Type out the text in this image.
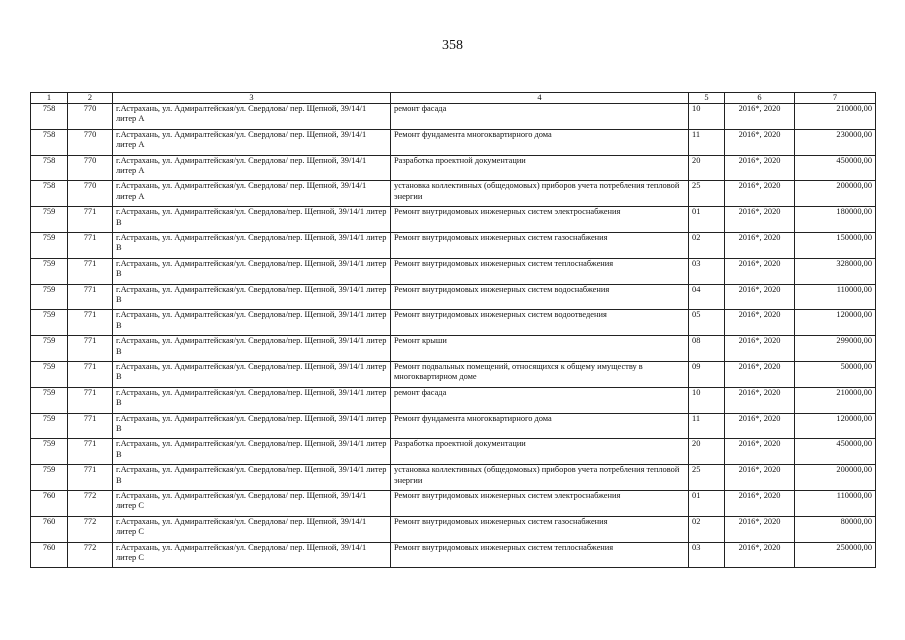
358
1	2	3	4	5	6	7
758	770	г.Астрахань, ул. Адмиралтейская/ул. Свердлова/ пер. Щепной, 39/14/1 литер А	ремонт фасада	10	2016*, 2020	210000,00
758	770	г.Астрахань, ул. Адмиралтейская/ул. Свердлова/ пер. Щепной, 39/14/1 литер А	Ремонт фундамента многоквартирного дома	11	2016*, 2020	230000,00
758	770	г.Астрахань, ул. Адмиралтейская/ул. Свердлова/ пер. Щепной, 39/14/1 литер А	Разработка проектной документации	20	2016*, 2020	450000,00
758	770	г.Астрахань, ул. Адмиралтейская/ул. Свердлова/ пер. Щепной, 39/14/1 литер А	установка коллективных (общедомовых) приборов учета потребления тепловой энергии	25	2016*, 2020	200000,00
759	771	г.Астрахань, ул. Адмиралтейская/ул. Свердлова/пер. Щепной, 39/14/1 литер В	Ремонт внутридомовых инженерных систем электроснабжения	01	2016*, 2020	180000,00
759	771	г.Астрахань, ул. Адмиралтейская/ул. Свердлова/пер. Щепной, 39/14/1 литер В	Ремонт внутридомовых инженерных систем газоснабжения	02	2016*, 2020	150000,00
759	771	г.Астрахань, ул. Адмиралтейская/ул. Свердлова/пер. Щепной, 39/14/1 литер В	Ремонт внутридомовых инженерных систем теплоснабжения	03	2016*, 2020	328000,00
759	771	г.Астрахань, ул. Адмиралтейская/ул. Свердлова/пер. Щепной, 39/14/1 литер В	Ремонт внутридомовых инженерных систем водоснабжения	04	2016*, 2020	110000,00
759	771	г.Астрахань, ул. Адмиралтейская/ул. Свердлова/пер. Щепной, 39/14/1 литер В	Ремонт внутридомовых инженерных систем водоотведения	05	2016*, 2020	120000,00
759	771	г.Астрахань, ул. Адмиралтейская/ул. Свердлова/пер. Щепной, 39/14/1 литер В	Ремонт крыши	08	2016*, 2020	299000,00
759	771	г.Астрахань, ул. Адмиралтейская/ул. Свердлова/пер. Щепной, 39/14/1 литер В	Ремонт подвальных помещений, относящихся к общему имуществу в многоквартирном доме	09	2016*, 2020	50000,00
759	771	г.Астрахань, ул. Адмиралтейская/ул. Свердлова/пер. Щепной, 39/14/1 литер В	ремонт фасада	10	2016*, 2020	210000,00
759	771	г.Астрахань, ул. Адмиралтейская/ул. Свердлова/пер. Щепной, 39/14/1 литер В	Ремонт фундамента многоквартирного дома	11	2016*, 2020	120000,00
759	771	г.Астрахань, ул. Адмиралтейская/ул. Свердлова/пер. Щепной, 39/14/1 литер В	Разработка проектной документации	20	2016*, 2020	450000,00
759	771	г.Астрахань, ул. Адмиралтейская/ул. Свердлова/пер. Щепной, 39/14/1 литер В	установка коллективных (общедомовых) приборов учета потребления тепловой энергии	25	2016*, 2020	200000,00
760	772	г.Астрахань, ул. Адмиралтейская/ул. Свердлова/ пер. Щепной, 39/14/1 литер С	Ремонт внутридомовых инженерных систем электроснабжения	01	2016*, 2020	110000,00
760	772	г.Астрахань, ул. Адмиралтейская/ул. Свердлова/ пер. Щепной, 39/14/1 литер С	Ремонт внутридомовых инженерных систем газоснабжения	02	2016*, 2020	80000,00
760	772	г.Астрахань, ул. Адмиралтейская/ул. Свердлова/ пер. Щепной, 39/14/1 литер С	Ремонт внутридомовых инженерных систем теплоснабжения	03	2016*, 2020	250000,00
